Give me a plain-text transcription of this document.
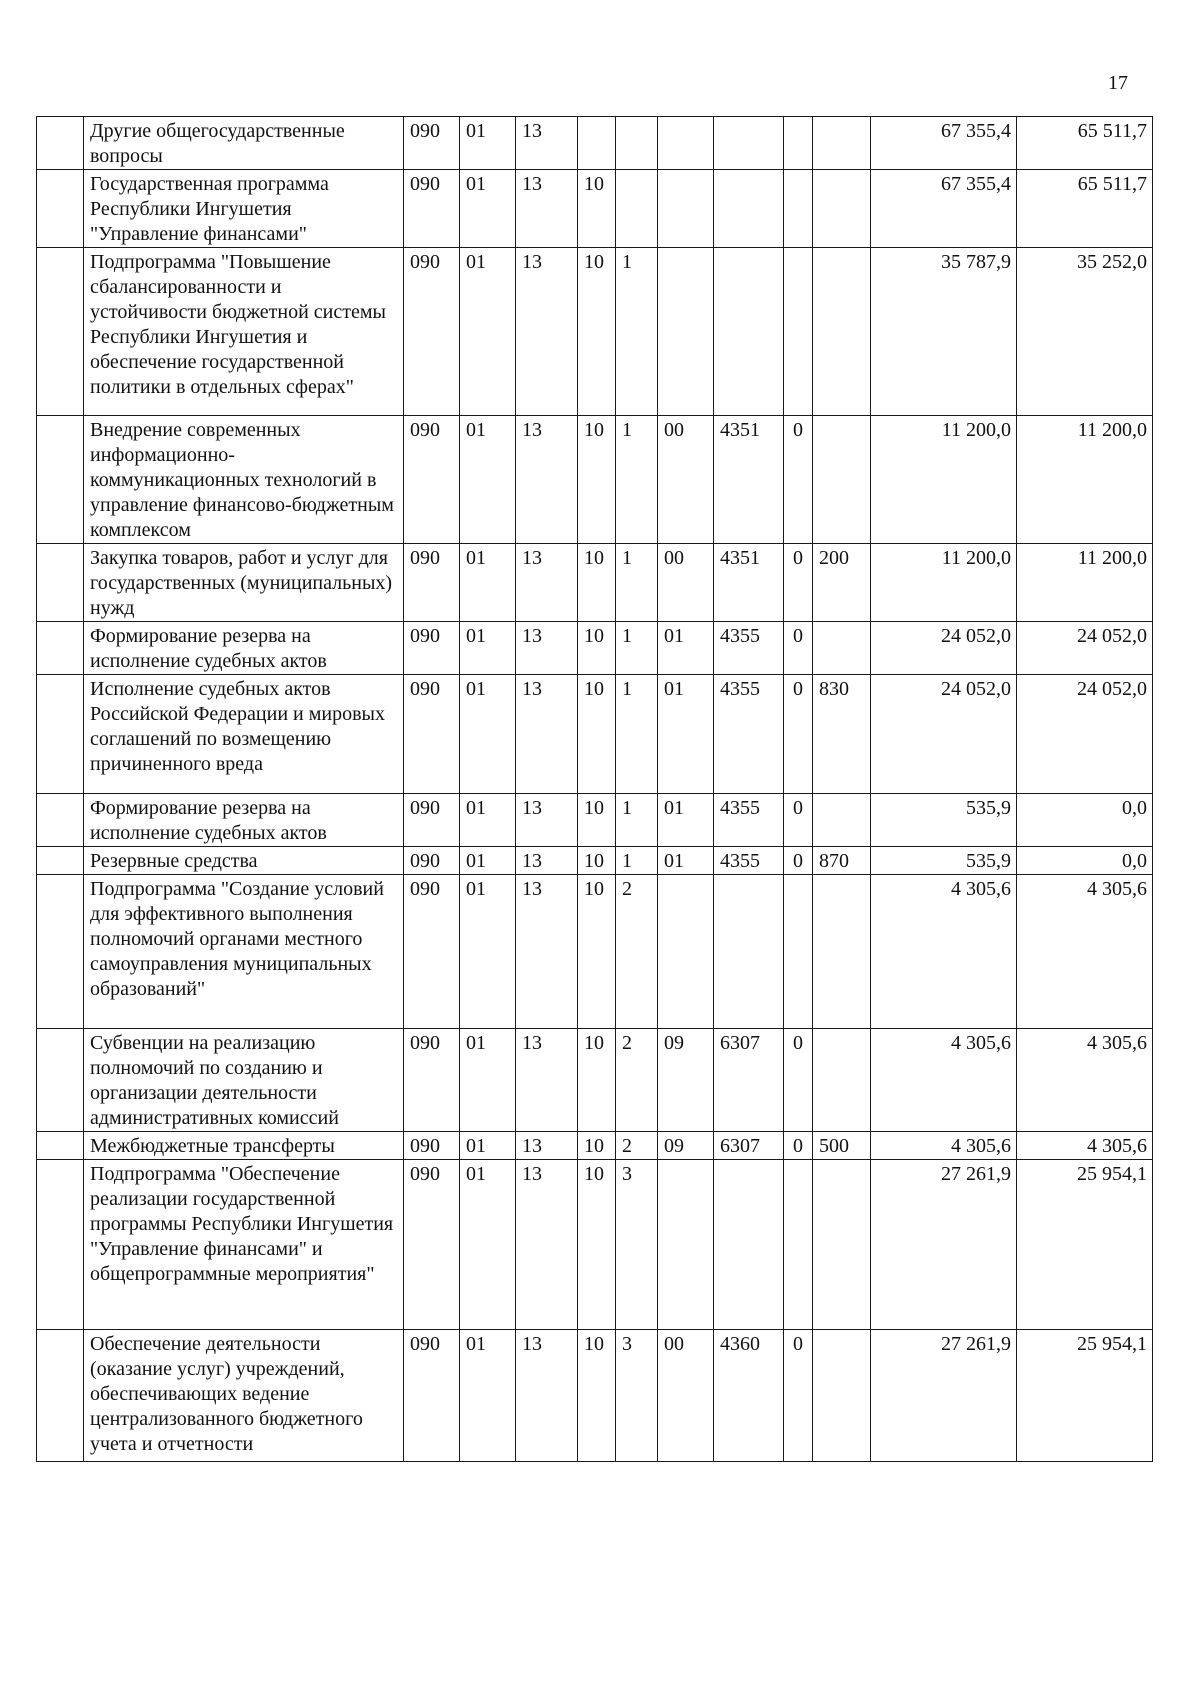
17
	Другие общегосударственные вопросы	090	01	13							67 355,4	65 511,7
	Государственная программа Республики Ингушетия "Управление финансами"	090	01	13	10						67 355,4	65 511,7
	Подпрограмма "Повышение сбалансированности и устойчивости бюджетной системы Республики Ингушетия и обеспечение государственной политики в отдельных сферах"	090	01	13	10	1					35 787,9	35 252,0
	Внедрение современных информационно-коммуникационных технологий в управление финансово-бюджетным комплексом	090	01	13	10	1	00	4351	0		11 200,0	11 200,0
	Закупка товаров, работ и услуг для государственных (муниципальных) нужд	090	01	13	10	1	00	4351	0	200	11 200,0	11 200,0
	Формирование резерва на исполнение судебных актов	090	01	13	10	1	01	4355	0		24 052,0	24 052,0
	Исполнение судебных актов Российской Федерации и мировых соглашений по возмещению причиненного вреда	090	01	13	10	1	01	4355	0	830	24 052,0	24 052,0
	Формирование резерва на исполнение судебных актов	090	01	13	10	1	01	4355	0		535,9	0,0
	Резервные средства	090	01	13	10	1	01	4355	0	870	535,9	0,0
	Подпрограмма "Создание условий для эффективного выполнения полномочий органами местного самоуправления муниципальных образований"	090	01	13	10	2					4 305,6	4 305,6
	Субвенции на реализацию полномочий по созданию и организации деятельности административных комиссий	090	01	13	10	2	09	6307	0		4 305,6	4 305,6
	Межбюджетные трансферты	090	01	13	10	2	09	6307	0	500	4 305,6	4 305,6
	Подпрограмма "Обеспечение реализации государственной программы Республики Ингушетия "Управление финансами" и общепрограммные мероприятия"	090	01	13	10	3					27 261,9	25 954,1
	Обеспечение деятельности (оказание услуг) учреждений, обеспечивающих ведение централизованного бюджетного учета и отчетности	090	01	13	10	3	00	4360	0		27 261,9	25 954,1
